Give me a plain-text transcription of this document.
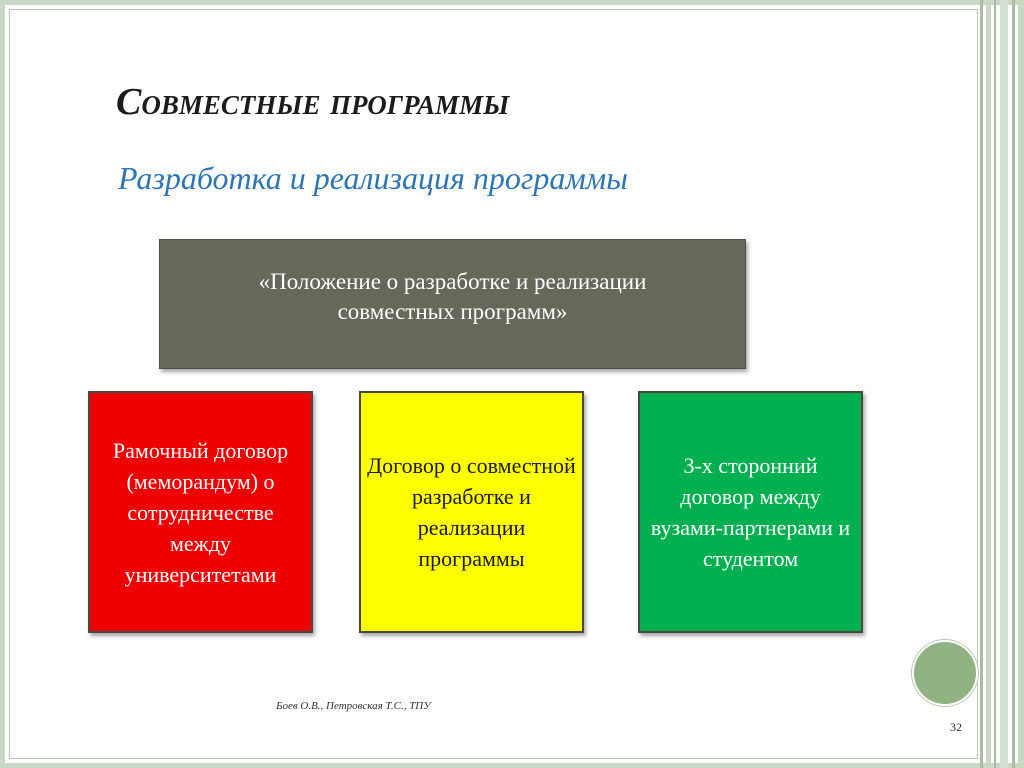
Совместные программы
Разработка и реализация программы
«Положение о разработке и реализации совместных программ»
Рамочный договор (меморандум) о сотрудничестве между университетами
Договор о совместной разработке и реализации программы
3-х сторонний договор между вузами-партнерами и студентом
Боев О.В., Петровская Т.С., ТПУ
32
